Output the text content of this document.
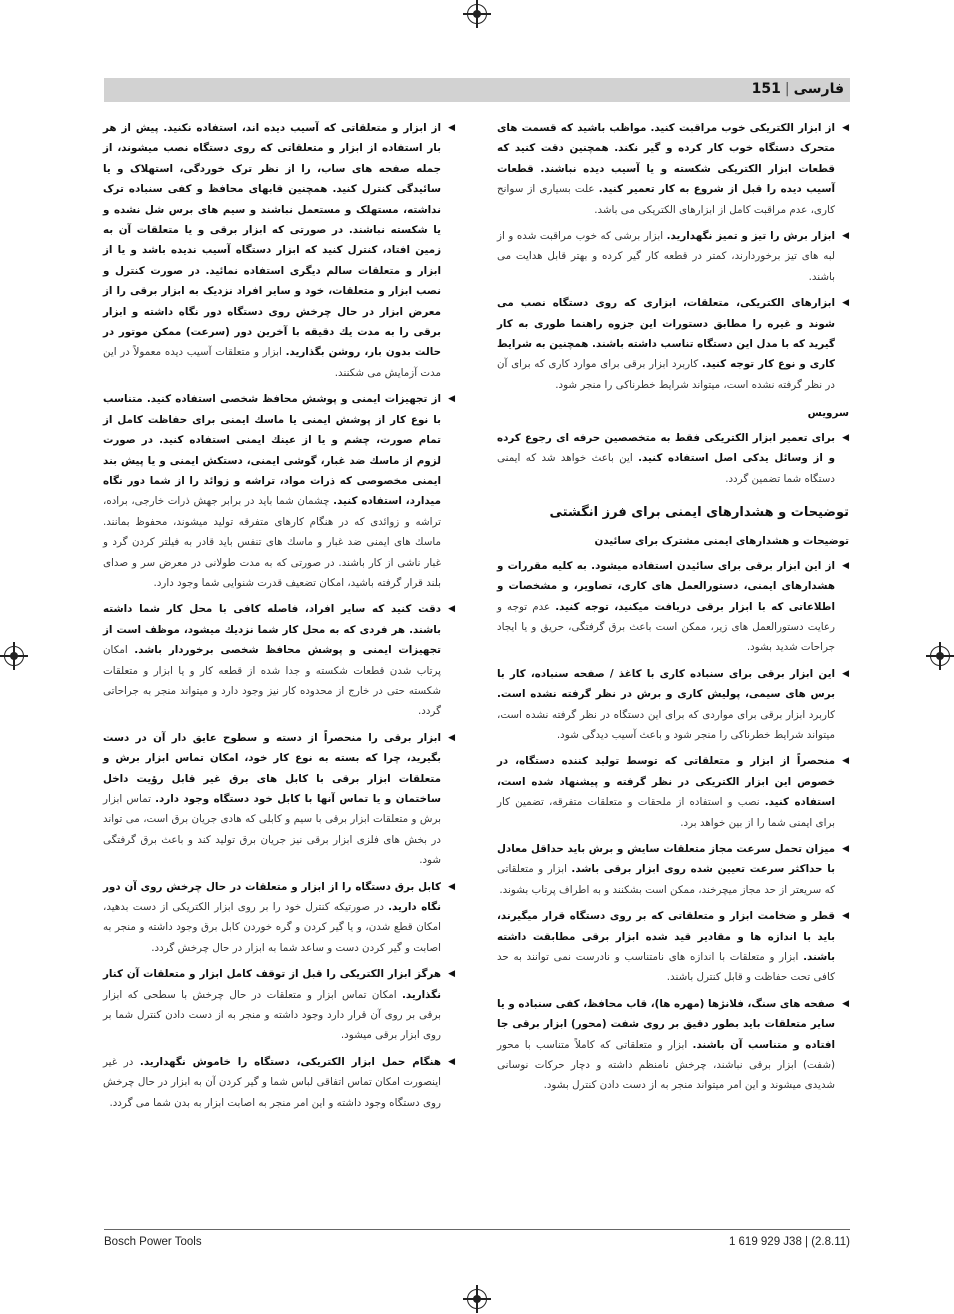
فارسی|151
◀
از ابزار الکتریکی خوب مراقبت کنید. مواظب باشید که قسمت های متحرک دستگاه خوب کار کرده و گیر نکند. همچنین دقت کنید که قطعات ابزار الکتریکی شکسته و یا آسیب دیده نباشند. قطعات آسیب دیده را قبل از شروع به کار تعمیر کنید. علت بسیاری از سوانح کاری، عدم مراقبت کامل از ابزارهای الکتریکی می باشد.
◀
ابزار برش را تیز و تمیز نگهدارید. ابزار برشی که خوب مراقبت شده و از لبه های تیز برخوردارند، کمتر در قطعه کار گیر کرده و بهتر قابل هدایت می باشند.
◀
ابزارهای الکتریکی، متعلقات، ابزاری که روی دستگاه نصب می شوند و غیره را مطابق دستورات این جزوه راهنما طوری به کار گیرید که با مدل این دستگاه تناسب داشته باشند. همچنین به شرایط کاری و نوع کار توجه کنید. کاربرد ابزار برقی برای موارد کاری که برای آن در نظر گرفته نشده است، میتواند شرایط خطرناکی را منجر شود.
سرویس
◀
برای تعمیر ابزار الکتریکی فقط به متخصصین حرفه ای رجوع کرده و از وسائل یدکی اصل استفاده کنید. این باعث خواهد شد که ایمنی دستگاه شما تضمین گردد.
توضیحات و هشدارهای ایمنی برای فرز انگشتی
توضیحات و هشدارهای ایمنی مشترک برای سائیدن
◀
از این ابزار برقی برای سائیدن استفاده میشود. به کلیه مقررات و هشدارهای ایمنی، دستورالعمل های کاری، تصاویر، و مشخصات و اطلاعاتی که با ابزار برقی دریافت میکنید، توجه کنید. عدم توجه و رعایت دستورالعمل های زیر، ممکن است باعث برق گرفتگی، حریق و یا ایجاد جراحات شدید بشود.
◀
این ابزار برقی برای سنباده کاری با کاغذ / صفحه سنباده، کار با برس های سیمی، پولیش کاری و برش در نظر گرفته نشده است. کاربرد ابزار برقی برای مواردی که برای این دستگاه در نظر گرفته نشده است، میتواند شرایط خطرناکی را منجر شود و باعث آسیب دیدگی شود.
◀
منحصراً از ابزار و متعلقاتی که توسط تولید کننده دستگاه، در خصوص این ابزار الکتریکی در نظر گرفته و پیشنهاد شده است، استفاده کنید. نصب و استفاده از ملحقات و متعلقات متفرقه، تضمین کار برای ایمنی شما را از بین خواهد برد.
◀
میزان تحمل سرعت مجاز متعلقات سایش و برش باید حداقل معادل با حداکثر سرعت تعیین شده روی ابزار برقی باشد. ابزار و متعلقاتی که سریعتر از حد مجاز میچرخند، ممکن است بشکنند و به اطراف پرتاب بشوند.
◀
قطر و ضخامت ابزار و متعلقاتی که بر روی دستگاه قرار میگیرند، باید با اندازه ها و مقادیر قید شده ابزار برقی مطابقت داشته باشند. ابزار و متعلقات با اندازه های نامتناسب و نادرست نمی توانند به حد کافی تحت حفاظت و قابل کنترل باشند.
◀
صفحه های سنگ، فلانژها (مهره ها)، قاب محافظ، کفی سنباده و یا سایر متعلقات باید بطور دقیق بر روی شفت (محور) ابزار برقی جا افتاده و متناسب آن باشند. ابزار و متعلقاتی که کاملاً متناسب با محور (شفت) ابزار برقی نباشند، چرخش نامنظم داشته و دچار حرکات نوسانی شدیدی میشوند و این امر میتواند منجر به از دست دادن کنترل بشود.
◀
از ابزار و متعلقاتی که آسیب دیده اند، استفاده نکنید. پیش از هر بار استفاده از ابزار و متعلقاتی که روی دستگاه نصب میشوند، از جمله صفحه های ساب، را از نظر ترک خوردگی، استهلاک و یا سائیدگی کنترل کنید. همچنین قابهای محافظ و کفی سنباده ترک نداشته، مستهلک و مستعمل نباشند و سیم های برس شل نشده و یا شکسته نباشند. در صورتی که ابزار برقی و یا متعلقات آن به زمین افتاد، کنترل کنید که ابزار دستگاه آسیب ندیده باشد و یا از ابزار و متعلقات سالم دیگری استفاده نمائید. در صورت کنترل و نصب ابزار و متعلقات، خود و سایر افراد نزدیک به ابزار برقی را از معرض ابزار در حال چرخش روی دستگاه دور نگاه داشته و ابزار برقی را به مدت یك دقیقه با آخرین دور (سرعت) ممکن موتور در حالت بدون بار، روشن بگذارید. ابزار و متعلقات آسیب دیده معمولاً در این مدت آزمایش می شکنند.
◀
از تجهیزات ایمنی و پوشش محافظ شخصی استفاده کنید. متناسب با نوع کار از پوشش ایمنی یا ماسك ایمنی برای حفاظت کامل از تمام صورت، چشم و یا از عینك ایمنی استفاده کنید. در صورت لزوم از ماسك ضد غبار، گوشی ایمنی، دستکش ایمنی و یا پیش بند ایمنی مخصوصی که ذرات مواد، تراشه و زوائد را از شما دور نگاه میدارد، استفاده کنید. چشمان شما باید در برابر جهش ذرات خارجی، براده، تراشه و زوائدی که در هنگام کارهای متفرقه تولید میشوند، محفوظ بمانند. ماسك های ایمنی ضد غبار و ماسك های تنفس باید قادر به فیلتر کردن گرد و غبار ناشی از کار باشند. در صورتی که به مدت طولانی در معرض سر و صدای بلند قرار گرفته باشید، امکان تضعیف قدرت شنوایی شما وجود دارد.
◀
دقت کنید که سایر افراد، فاصله کافی با محل کار شما داشته باشند. هر فردی که به محل کار شما نزدیك میشود، موظف است از تجهیزات ایمنی و پوشش محافظ شخصی برخوردار باشد. امکان پرتاب شدن قطعات شکسته و جدا شده از قطعه کار و یا ابزار و متعلقات شکسته حتی در خارج از محدوده کار نیز وجود دارد و میتواند منجر به جراحاتی گردد.
◀
ابزار برقی را منحصراً از دسته و سطوح عایق دار آن در دست بگیرید، چرا که بسته به نوع کار خود، امکان تماس ابزار برش و متعلقات ابزار برقی با کابل های برق غیر قابل رؤیت داخل ساختمان و یا تماس آنها با کابل خود دستگاه وجود دارد. تماس ابزار برش و متعلقات ابزار برقی با سیم و کابلی که هادی جریان برق است، می تواند در بخش های فلزی ابزار برقی نیز جریان برق تولید کند و باعث برق گرفتگی شود.
◀
کابل برق دستگاه را از ابزار و متعلقات در حال چرخش روی آن دور نگاه دارید. در صورتیکه کنترل خود را بر روی ابزار الکتریکی از دست بدهید، امکان قطع شدن، و یا گیر کردن و گره خوردن کابل برق وجود داشته و منجر به اصابت و گیر کردن دست و ساعد شما به ابزار در حال چرخش گردد.
◀
هرگز ابزار الکتریکی را قبل از توقف کامل ابزار و متعلقات آن کنار نگذارید. امکان تماس ابزار و متعلقات در حال چرخش با سطحی که ابزار برقی بر روی آن قرار دارد وجود داشته و منجر به از دست دادن کنترل شما بر روی ابزار برقی میشود.
◀
هنگام حمل ابزار الکتریکی، دستگاه را خاموش نگهدارید. در غیر اینصورت امکان تماس اتفاقی لباس شما و گیر کردن آن به ابزار در حال چرخش روی دستگاه وجود داشته و این امر منجر به اصابت ابزار به بدن شما می گردد.
Bosch Power Tools	1 619 929 J38 | (2.8.11)
